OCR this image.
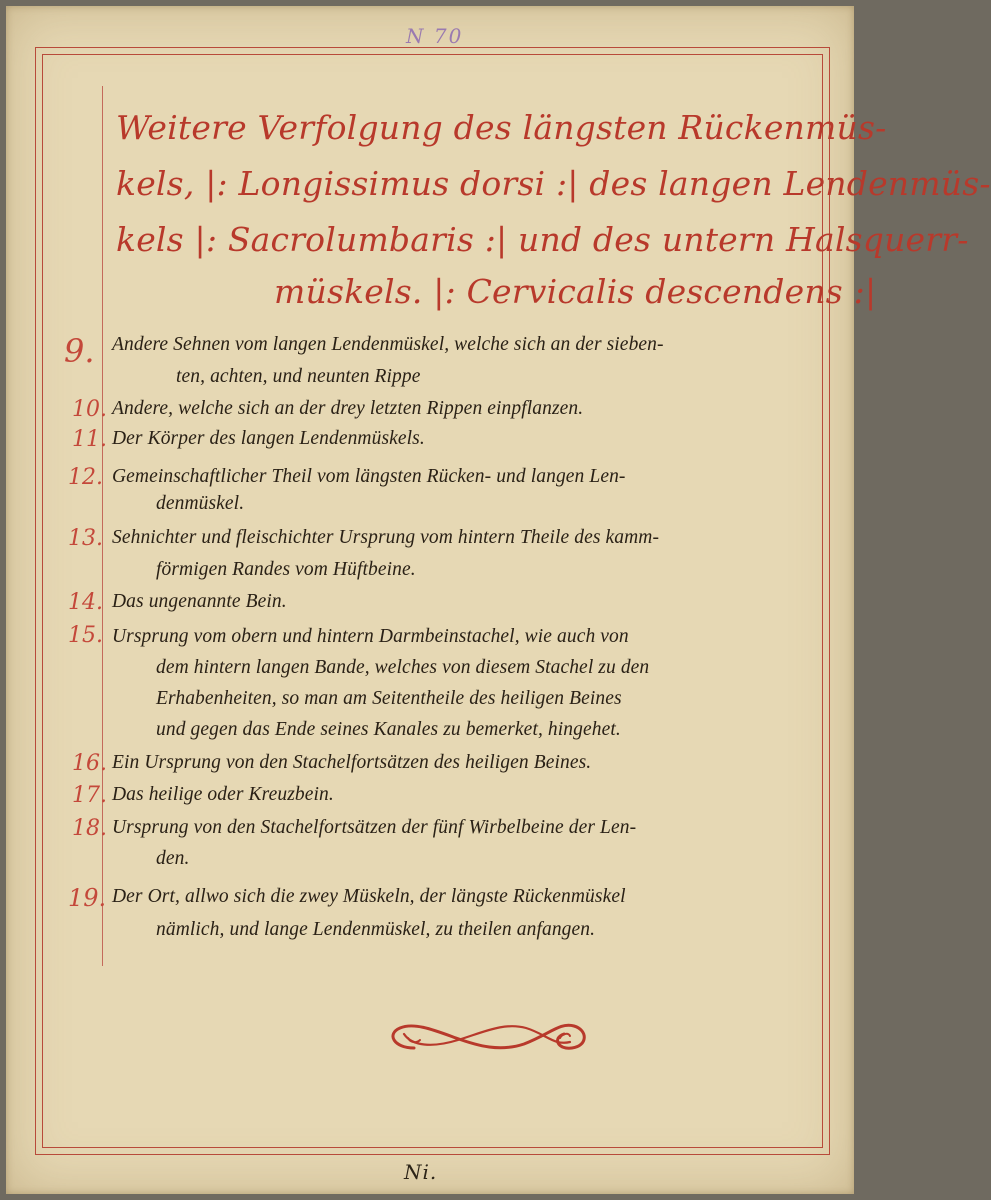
N 70
Weitere Verfolgung des längsten Rückenmüs-
kels, |: Longissimus dorsi :| des langen Lendenmüs-
kels |: Sacrolumbaris :| und des untern Halsquerr-
müskels. |: Cervicalis descendens :|
9. Andere Sehnen vom langen Lendenmüskel, welche sich an der sieben-
ten, achten, und neunten Rippe
10. Andere, welche sich an der drey letzten Rippen einpflanzen.
11. Der Körper des langen Lendenmüskels.
12. Gemeinschaftlicher Theil vom längsten Rücken- und langen Len-
denmüskel.
13. Sehnichter und fleischichter Ursprung vom hintern Theile des kamm-
förmigen Randes vom Hüftbeine.
14. Das ungenannte Bein.
15. Ursprung vom obern und hintern Darmbeinstachel, wie auch von
dem hintern langen Bande, welches von diesem Stachel zu den
Erhabenheiten, so man am Seitentheile des heiligen Beines
und gegen das Ende seines Kanales zu bemerket, hingehet.
16. Ein Ursprung von den Stachelfortsätzen des heiligen Beines.
17. Das heilige oder Kreuzbein.
18. Ursprung von den Stachelfortsätzen der fünf Wirbelbeine der Len-
den.
19. Der Ort, allwo sich die zwey Müskeln, der längste Rückenmüskel
nämlich, und lange Lendenmüskel, zu theilen anfangen.
Ni.
